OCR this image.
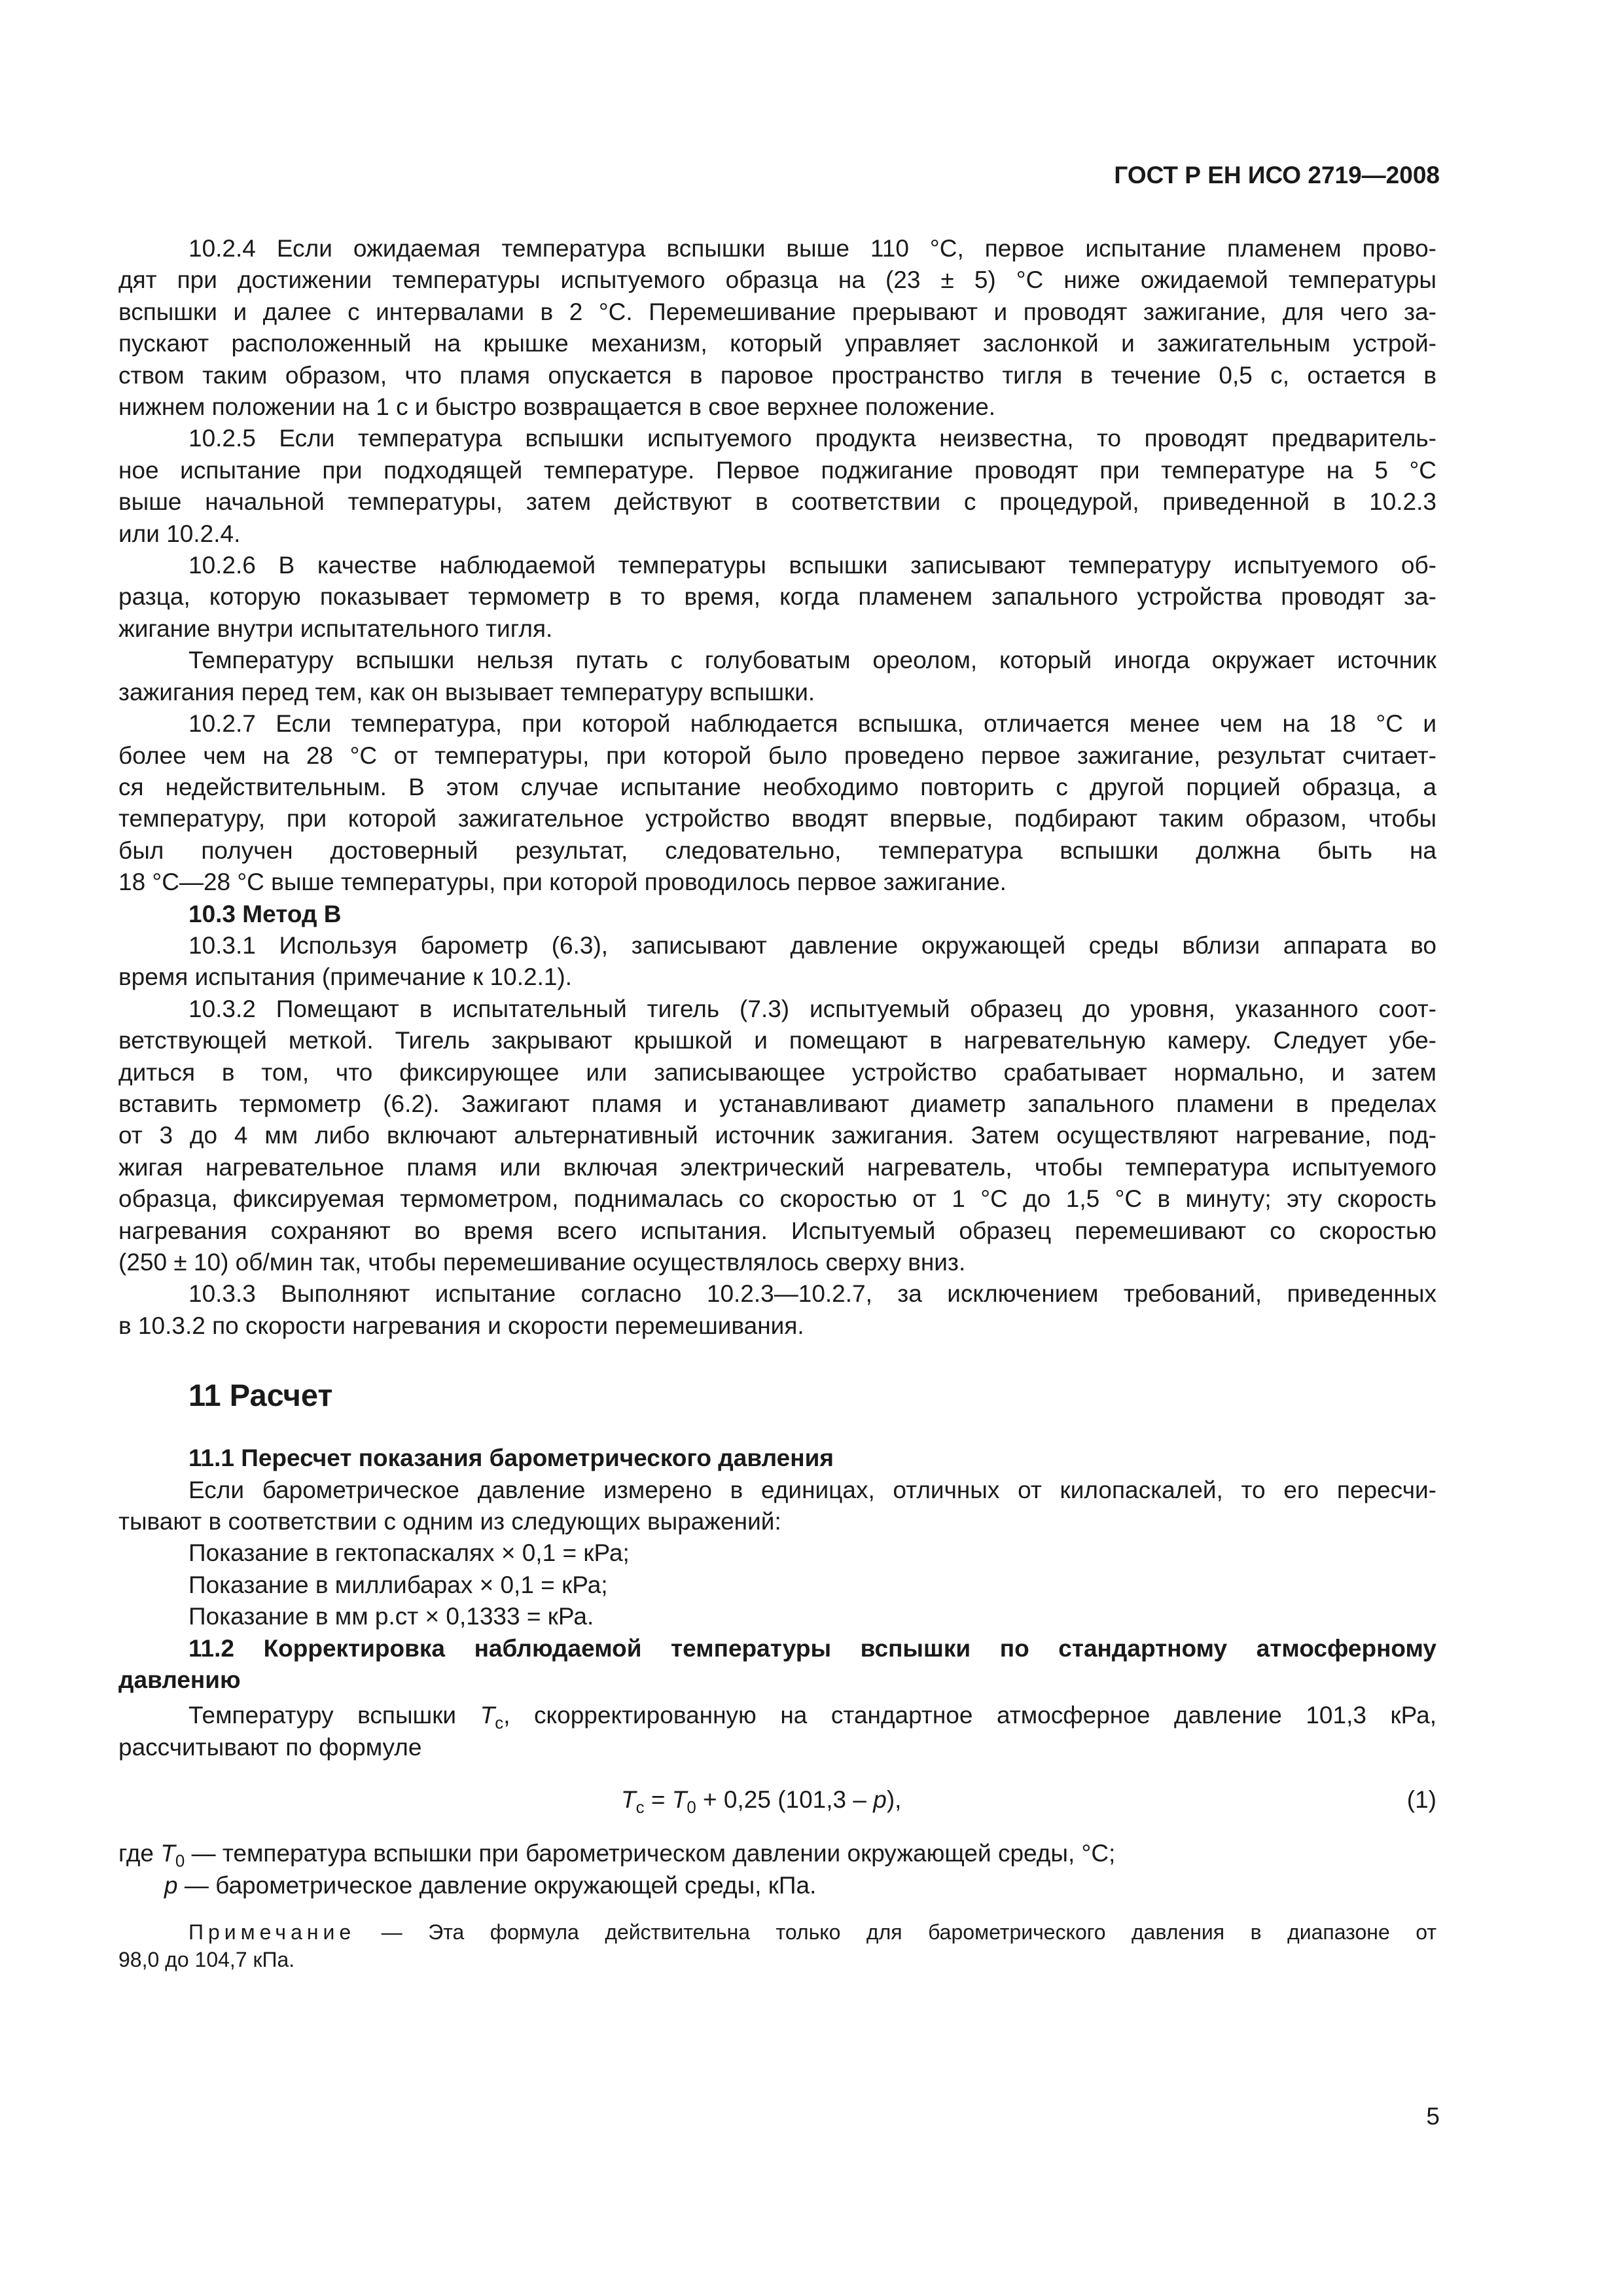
ГОСТ Р ЕН ИСО 2719—2008

10.2.4 Если ожидаемая температура вспышки выше 110 °С, первое испытание пламенем прово-
дят при достижении температуры испытуемого образца на (23 ± 5) °С ниже ожидаемой температуры
вспышки и далее с интервалами в 2 °С. Перемешивание прерывают и проводят зажигание, для чего за-
пускают расположенный на крышке механизм, который управляет заслонкой и зажигательным устрой-
ством таким образом, что пламя опускается в паровое пространство тигля в течение 0,5 с, остается в
нижнем положении на 1 с и быстро возвращается в свое верхнее положение.

10.2.5 Если температура вспышки испытуемого продукта неизвестна, то проводят предваритель-
ное испытание при подходящей температуре. Первое поджигание проводят при температуре на 5 °С
выше начальной температуры, затем действуют в соответствии с процедурой, приведенной в 10.2.3
или 10.2.4.

10.2.6 В качестве наблюдаемой температуры вспышки записывают температуру испытуемого об-
разца, которую показывает термометр в то время, когда пламенем запального устройства проводят за-
жигание внутри испытательного тигля.

Температуру вспышки нельзя путать с голубоватым ореолом, который иногда окружает источник
зажигания перед тем, как он вызывает температуру вспышки.

10.2.7 Если температура, при которой наблюдается вспышка, отличается менее чем на 18 °С и
более чем на 28 °С от температуры, при которой было проведено первое зажигание, результат считает-
ся недействительным. В этом случае испытание необходимо повторить с другой порцией образца, а
температуру, при которой зажигательное устройство вводят впервые, подбирают таким образом, чтобы
был получен достоверный результат, следовательно, температура вспышки должна быть на
18 °С—28 °С выше температуры, при которой проводилось первое зажигание.

10.3 Метод В

10.3.1 Используя барометр (6.3), записывают давление окружающей среды вблизи аппарата во
время испытания (примечание к 10.2.1).

10.3.2 Помещают в испытательный тигель (7.3) испытуемый образец до уровня, указанного соот-
ветствующей меткой. Тигель закрывают крышкой и помещают в нагревательную камеру. Следует убе-
диться в том, что фиксирующее или записывающее устройство срабатывает нормально, и затем
вставить термометр (6.2). Зажигают пламя и устанавливают диаметр запального пламени в пределах
от 3 до 4 мм либо включают альтернативный источник зажигания. Затем осуществляют нагревание, под-
жигая нагревательное пламя или включая электрический нагреватель, чтобы температура испытуемого
образца, фиксируемая термометром, поднималась со скоростью от 1 °С до 1,5 °С в минуту; эту скорость
нагревания сохраняют во время всего испытания. Испытуемый образец перемешивают со скоростью
(250 ± 10) об/мин так, чтобы перемешивание осуществлялось сверху вниз.

10.3.3 Выполняют испытание согласно 10.2.3—10.2.7, за исключением требований, приведенных
в 10.3.2 по скорости нагревания и скорости перемешивания.

11 Расчет

11.1 Пересчет показания барометрического давления

Если барометрическое давление измерено в единицах, отличных от килопаскалей, то его пересчи-
тывают в соответствии с одним из следующих выражений:

Показание в гектопаскалях × 0,1 = кРа;
Показание в миллибарах × 0,1 = кРа;
Показание в мм р.ст × 0,1333 = кРа.

11.2 Корректировка наблюдаемой температуры вспышки по стандартному атмосферному
давлению

Температуру вспышки $T_c$, скорректированную на стандартное атмосферное давление 101,3 кРа,
рассчитывают по формуле

$T_c = T_0 + 0,25$ (101,3 – p),	(1)
где $T_0$ — температура вспышки при барометрическом давлении окружающей среды, °С;
p — барометрическое давление окружающей среды, кПа.
Примечание — Эта формула действительна только для барометрического давления в диапазоне от
98,0 до 104,7 кПа.

5
